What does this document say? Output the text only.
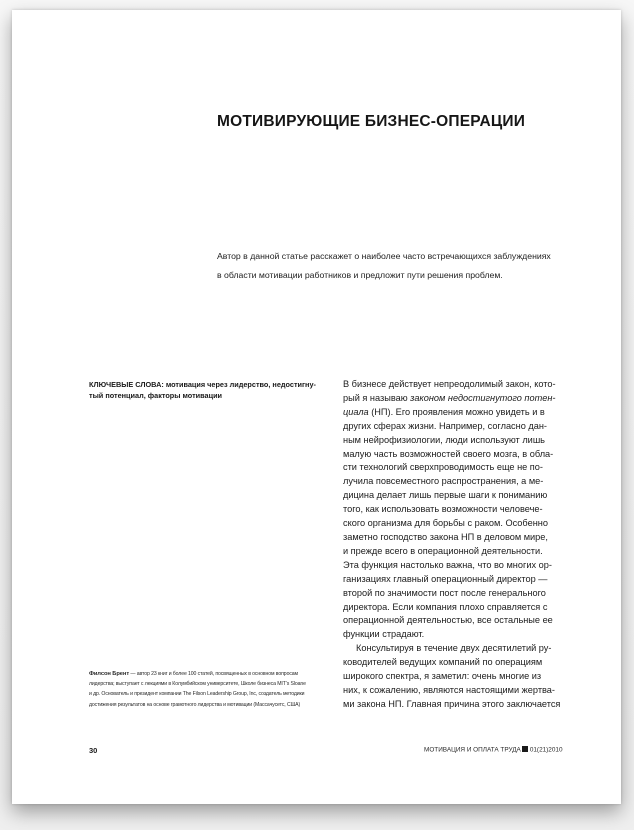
МОТИВИРУЮЩИЕ БИЗНЕС-ОПЕРАЦИИ
Автор в данной статье расскажет о наиболее часто встречающихся заблуждениях
в области мотивации работников и предложит пути решения проблем.
КЛЮЧЕВЫЕ СЛОВА: мотивация через лидерство, недостигну-
тый потенциал, факторы мотивации
Филсон Брент — автор 23 книг и более 100 статей, посвященных в основном вопросам
лидерства; выступает с лекциями в Колумбийском университете, Школе бизнеса MIT’s Sloane
и др. Основатель и президент компании The Filson Leadership Group, Inc, создатель методики
достижения результатов на основе грамотного лидерства и мотивации (Массачусетс, США)
В бизнесе действует непреодолимый закон, кото-
рый я называю законом недостигнутого потен-
циала (НП). Его проявления можно увидеть и в
других сферах жизни. Например, согласно дан-
ным нейрофизиологии, люди используют лишь
малую часть возможностей своего мозга, в обла-
сти технологий сверхпроводимость еще не по-
лучила повсеместного распространения, а ме-
дицина делает лишь первые шаги к пониманию
того, как использовать возможности человече-
ского организма для борьбы с раком. Особенно
заметно господство закона НП в деловом мире,
и прежде всего в операционной деятельности.
Эта функция настолько важна, что во многих ор-
ганизациях главный операционный директор —
второй по значимости пост после генерального
директора. Если компания плохо справляется с
операционной деятельностью, все остальные ее
функции страдают.
Консультируя в течение двух десятилетий ру-
ководителей ведущих компаний по операциям
широкого спектра, я заметил: очень многие из
них, к сожалению, являются настоящими жертва-
ми закона НП. Главная причина этого заключается
30	МОТИВАЦИЯ И ОПЛАТА ТРУДА 01(21)2010
